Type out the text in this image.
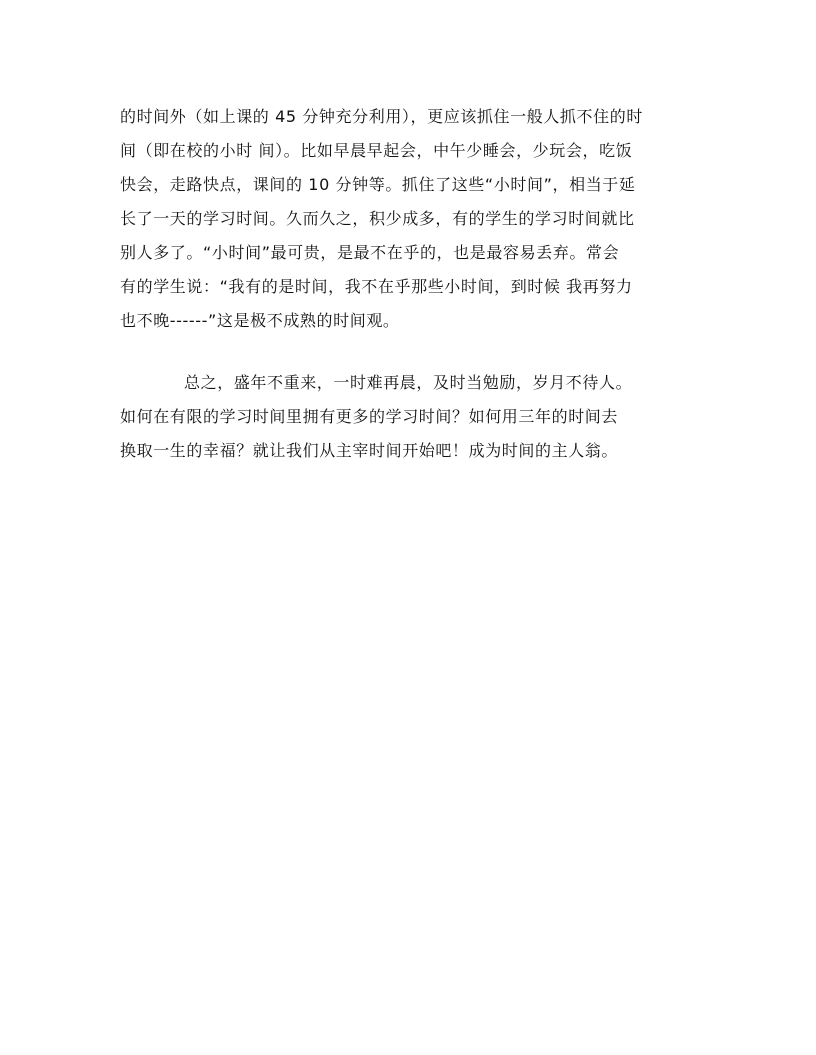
的时间外（如上课的 45 分钟充分利用），更应该抓住一般人抓不住的时
间（即在校的小时 间）。比如早晨早起会，中午少睡会，少玩会，吃饭
快会，走路快点，课间的 10 分钟等。抓住了这些“小时间”，相当于延
长了一天的学习时间。久而久之，积少成多，有的学生的学习时间就比
别人多了。“小时间”最可贵，是最不在乎的，也是最容易丢弃。常会
有的学生说：“我有的是时间，我不在乎那些小时间，到时候 我再努力
也不晚------”这是极不成熟的时间观。
总之，盛年不重来，一时难再晨，及时当勉励，岁月不待人。
如何在有限的学习时间里拥有更多的学习时间？如何用三年的时间去
换取一生的幸福？就让我们从主宰时间开始吧！成为时间的主人翁。
